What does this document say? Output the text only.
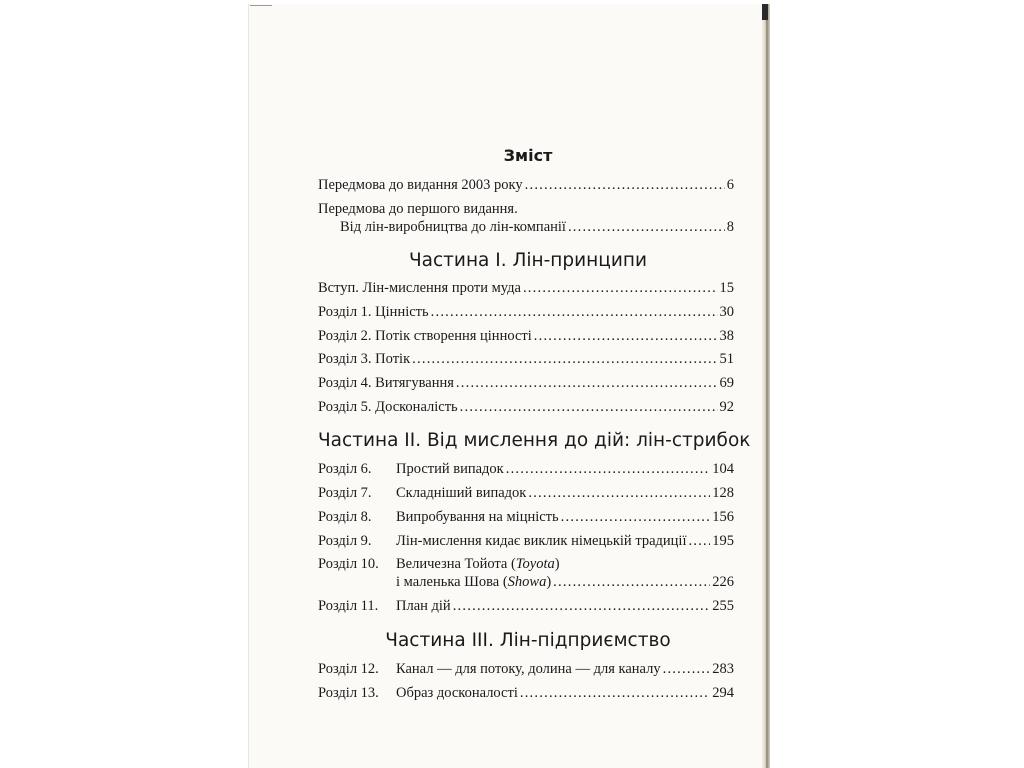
Зміст
Передмова до видання 2003 року . . .	6
Передмова до першого видання.
Від лін-виробництва до лін-компанії . . .	8
Частина I. Лін-принципи
Вступ. Лін-мислення проти муда . . .	15
Розділ 1. Цінність . . .	30
Розділ 2. Потік створення цінності . . .	38
Розділ 3. Потік . . .	51
Розділ 4. Витягування . . .	69
Розділ 5. Досконалість . . .	92
Частина II. Від мислення до дій: лін-стрибок
Розділ 6. Простий випадок . . .	104
Розділ 7. Складніший випадок . . .	128
Розділ 8. Випробування на міцність . . .	156
Розділ 9. Лін-мислення кидає виклик німецькій традиції . . . 195
Розділ 10. Величезна Тойота (Toyota)
і маленька Шова (Showa) . . .	226
Розділ 11. План дій . . .	255
Частина III. Лін-підприємство
Розділ 12. Канал — для потоку, долина — для каналу . . .	283
Розділ 13. Образ досконалості . . .	294
